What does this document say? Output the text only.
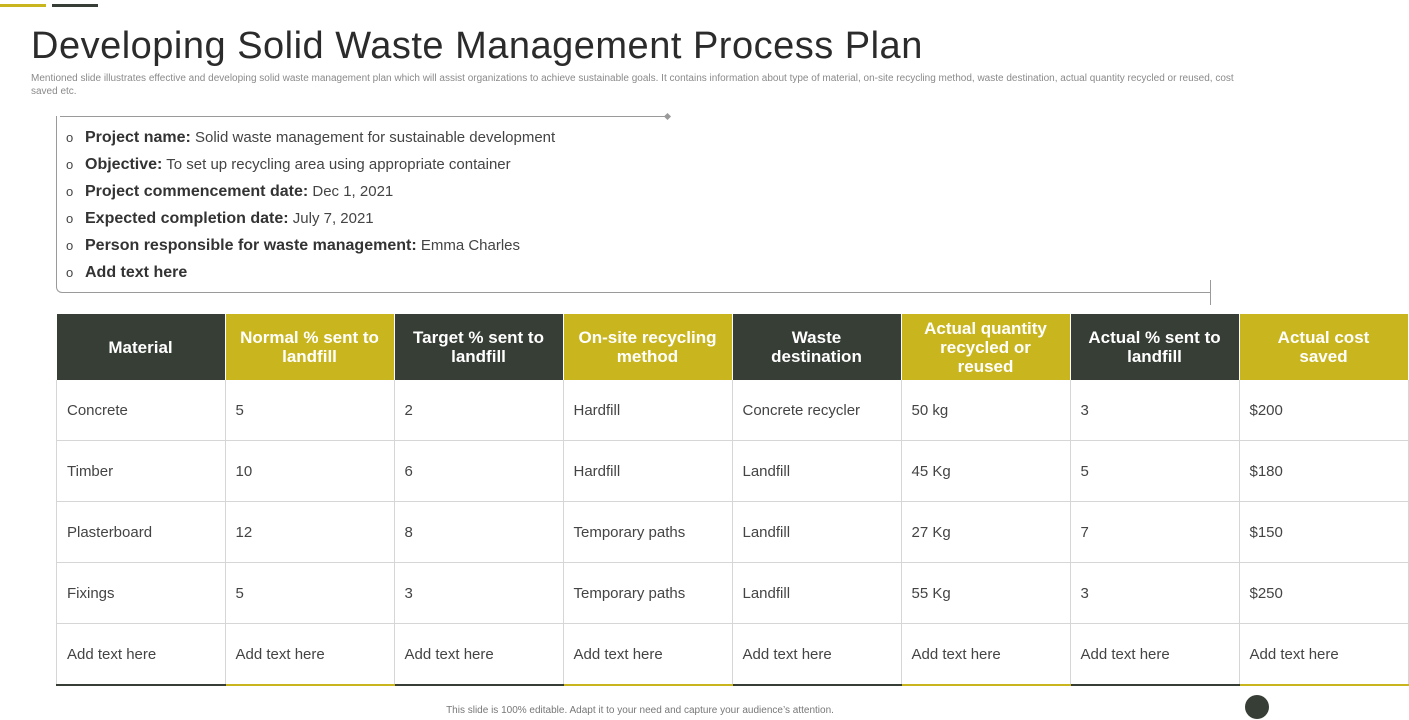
Developing Solid Waste Management Process Plan

Mentioned slide illustrates effective and developing solid waste management plan which will assist organizations to achieve sustainable goals. It contains information about type of material, on-site recycling method, waste destination, actual quantity recycled or reused, cost saved etc.

o Project name: Solid waste management for sustainable development
o Objective: To set up recycling area using appropriate container
o Project commencement date: Dec 1, 2021
o Expected completion date: July 7, 2021
o Person responsible for waste management: Emma Charles
o Add text here
Material	Normal % sent to landfill	Target % sent to landfill	On-site recycling method	Waste destination	Actual quantity recycled or reused	Actual % sent to landfill	Actual cost saved
Concrete	5	2	Hardfill	Concrete recycler	50 kg	3	$200
Timber	10	6	Hardfill	Landfill	45 Kg	5	$180
Plasterboard	12	8	Temporary paths	Landfill	27 Kg	7	$150
Fixings	5	3	Temporary paths	Landfill	55 Kg	3	$250
Add text here	Add text here	Add text here	Add text here	Add text here	Add text here	Add text here	Add text here
This slide is 100% editable. Adapt it to your need and capture your audience’s attention.
